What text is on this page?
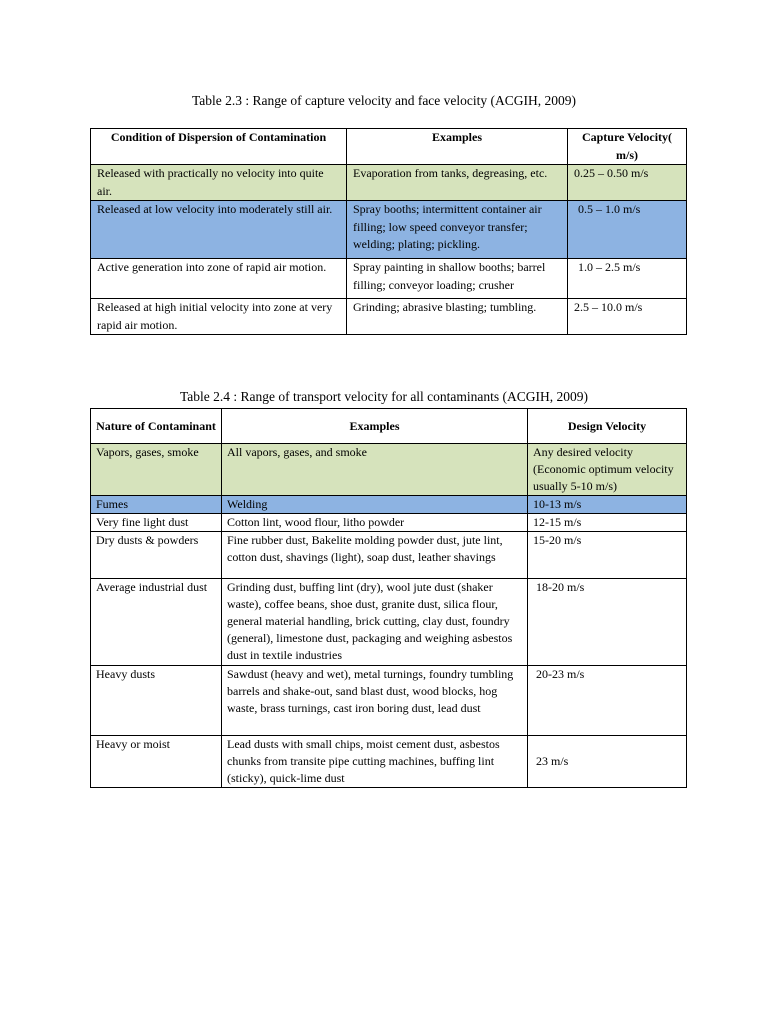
Table 2.3 : Range of capture velocity and face velocity (ACGIH, 2009)
Condition of Dispersion of Contamination	Examples	Capture Velocity( m/s)
Released with practically no velocity into quite air.	Evaporation from tanks, degreasing, etc.	0.25 – 0.50 m/s
Released at low velocity into moderately still air.	Spray booths; intermittent container air filling; low speed conveyor transfer; welding; plating; pickling.	0.5 – 1.0 m/s
Active generation into zone of rapid air motion.	Spray painting in shallow booths; barrel filling; conveyor loading; crusher	1.0 – 2.5 m/s
Released at high initial velocity into zone at very rapid air motion.	Grinding; abrasive blasting; tumbling.	2.5 – 10.0 m/s
Table 2.4 : Range of transport velocity for all contaminants (ACGIH, 2009)
Nature of Contaminant	Examples	Design Velocity
Vapors, gases, smoke	All vapors, gases, and smoke	Any desired velocity (Economic optimum velocity usually 5-10 m/s)
Fumes	Welding	10-13 m/s
Very fine light dust	Cotton lint, wood flour, litho powder	12-15 m/s
Dry dusts & powders	Fine rubber dust, Bakelite molding powder dust, jute lint, cotton dust, shavings (light), soap dust, leather shavings	15-20 m/s
Average industrial dust	Grinding dust, buffing lint (dry), wool jute dust (shaker waste), coffee beans, shoe dust, granite dust, silica flour, general material handling, brick cutting, clay dust, foundry (general), limestone dust, packaging and weighing asbestos dust in textile industries	18-20 m/s
Heavy dusts	Sawdust (heavy and wet), metal turnings, foundry tumbling barrels and shake-out, sand blast dust, wood blocks, hog waste, brass turnings, cast iron boring dust, lead dust	20-23 m/s
Heavy or moist	Lead dusts with small chips, moist cement dust, asbestos chunks from transite pipe cutting machines, buffing lint (sticky), quick-lime dust	23 m/s
